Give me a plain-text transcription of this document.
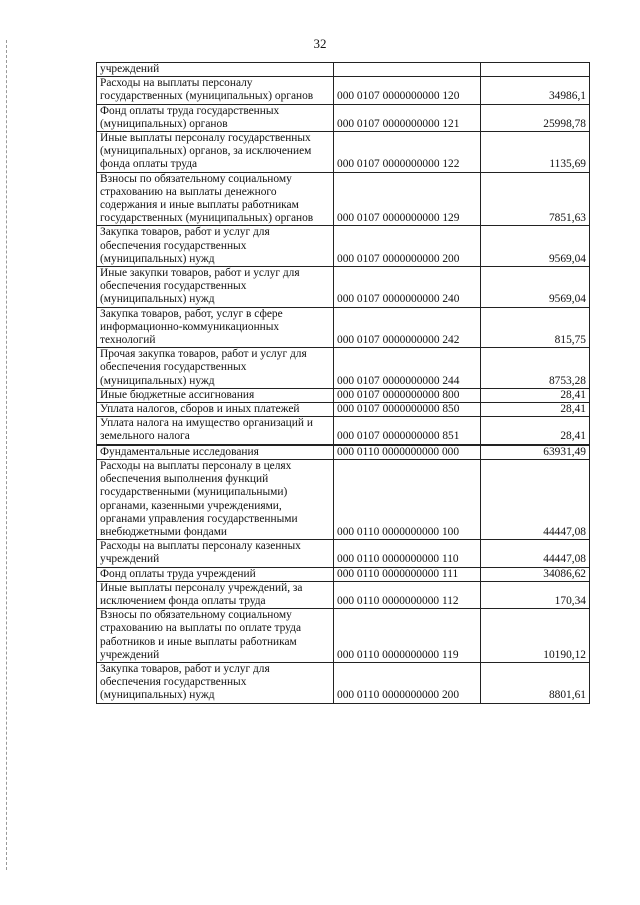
32
учреждений		
Расходы на выплаты персоналу государственных (муниципальных) органов	000 0107 0000000000 120	34986,1
Фонд оплаты труда государственных (муниципальных) органов	000 0107 0000000000 121	25998,78
Иные выплаты персоналу государственных (муниципальных) органов, за исключением фонда оплаты труда	000 0107 0000000000 122	1135,69
Взносы по обязательному социальному страхованию на выплаты денежного содержания и иные выплаты работникам государственных (муниципальных) органов	000 0107 0000000000 129	7851,63
Закупка товаров, работ и услуг для обеспечения государственных (муниципальных) нужд	000 0107 0000000000 200	9569,04
Иные закупки товаров, работ и услуг для обеспечения государственных (муниципальных) нужд	000 0107 0000000000 240	9569,04
Закупка товаров, работ, услуг в сфере информационно-коммуникационных технологий	000 0107 0000000000 242	815,75
Прочая закупка товаров, работ и услуг для обеспечения государственных (муниципальных) нужд	000 0107 0000000000 244	8753,28
Иные бюджетные ассигнования	000 0107 0000000000 800	28,41
Уплата налогов, сборов и иных платежей	000 0107 0000000000 850	28,41
Уплата налога на имущество организаций и земельного налога	000 0107 0000000000 851	28,41
Фундаментальные исследования	000 0110 0000000000 000	63931,49
Расходы на выплаты персоналу в целях обеспечения выполнения функций государственными (муниципальными) органами, казенными учреждениями, органами управления государственными внебюджетными фондами	000 0110 0000000000 100	44447,08
Расходы на выплаты персоналу казенных учреждений	000 0110 0000000000 110	44447,08
Фонд оплаты труда учреждений	000 0110 0000000000 111	34086,62
Иные выплаты персоналу учреждений, за исключением фонда оплаты труда	000 0110 0000000000 112	170,34
Взносы по обязательному социальному страхованию на выплаты по оплате труда работников и иные выплаты работникам учреждений	000 0110 0000000000 119	10190,12
Закупка товаров, работ и услуг для обеспечения государственных (муниципальных) нужд	000 0110 0000000000 200	8801,61
